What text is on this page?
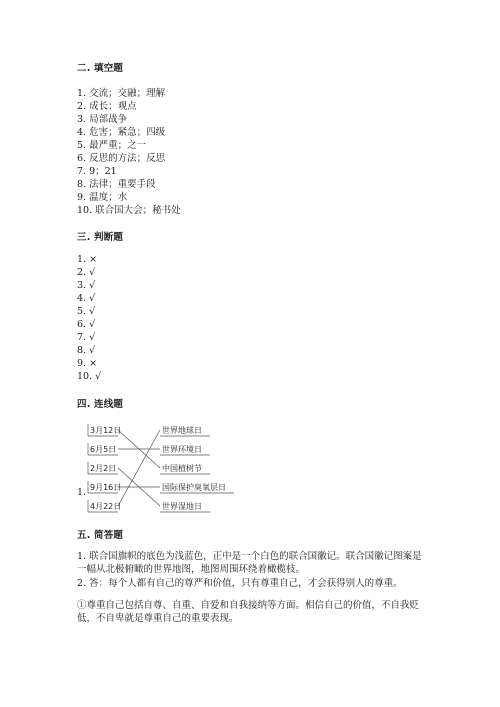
二. 填空题
1. 交流；交融；理解
2. 成长；观点
3. 局部战争
4. 危害；紧急；四级
5. 最严重；之一
6. 反思的方法；反思
7. 9；21
8. 法律；重要手段
9. 温度；水
10. 联合国大会；秘书处
三. 判断题
1. ×
2. √
3. √
4. √
5. √
6. √
7. √
8. √
9. ×
10. √
四. 连线题
1.
3月12日
6月5日
2月2日
9月16日
4月22日
世界地球日
世界环境日
中国植树节
国际保护臭氧层日
世界湿地日
五. 简答题
1. 联合国旗帜的底色为浅蓝色，正中是一个白色的联合国徽记。联合国徽记图案是一幅从北极俯瞰的世界地图，地图周围环绕着橄榄枝。
2. 答：每个人都有自己的尊严和价值，只有尊重自己，才会获得别人的尊重。
①尊重自己包括自尊、自重、自爱和自我接纳等方面。相信自己的价值，不自我贬低，不自卑就是尊重自己的重要表现。
